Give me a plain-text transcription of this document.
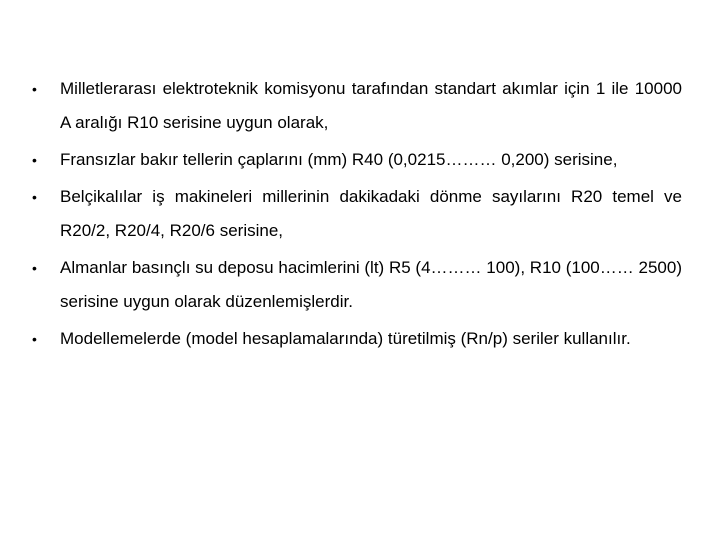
•	Milletlerarası elektroteknik komisyonu tarafından standart akımlar için 1 ile 10000 A aralığı R10 serisine uygun olarak,
•	Fransızlar bakır tellerin çaplarını (mm) R40 (0,0215……… 0,200) serisine,
•	Belçikalılar iş makineleri millerinin dakikadaki dönme sayılarını R20 temel ve R20/2, R20/4, R20/6 serisine,
•	Almanlar basınçlı su deposu hacimlerini (lt) R5 (4……… 100), R10 (100…… 2500) serisine uygun olarak düzenlemişlerdir.
•	Modellemelerde (model hesaplamalarında) türetilmiş (Rn/p) seriler kullanılır.
